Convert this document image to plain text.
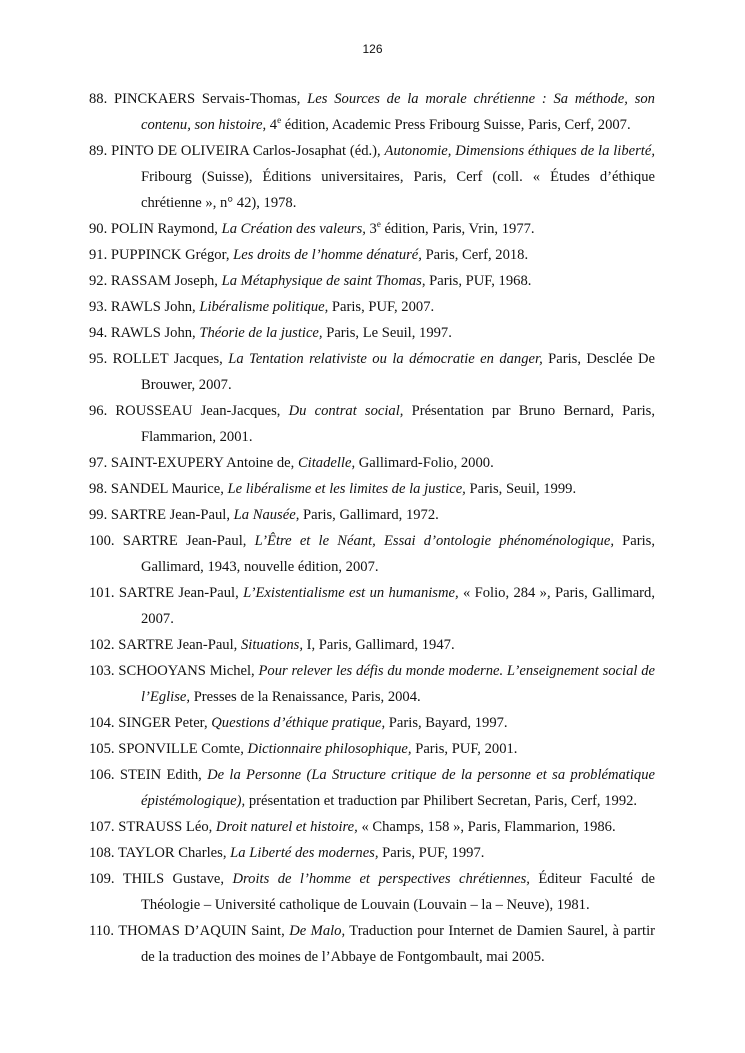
126
88. PINCKAERS Servais-Thomas, Les Sources de la morale chrétienne : Sa méthode, son contenu, son histoire, 4e édition, Academic Press Fribourg Suisse, Paris, Cerf, 2007.
89. PINTO DE OLIVEIRA Carlos-Josaphat (éd.), Autonomie, Dimensions éthiques de la liberté, Fribourg (Suisse), Éditions universitaires, Paris, Cerf (coll. « Études d’éthique chrétienne », n° 42), 1978.
90. POLIN Raymond, La Création des valeurs, 3e édition, Paris, Vrin, 1977.
91. PUPPINCK Grégor, Les droits de l’homme dénaturé, Paris, Cerf, 2018.
92. RASSAM Joseph, La Métaphysique de saint Thomas, Paris, PUF, 1968.
93. RAWLS John, Libéralisme politique, Paris, PUF, 2007.
94. RAWLS John, Théorie de la justice, Paris, Le Seuil, 1997.
95. ROLLET Jacques, La Tentation relativiste ou la démocratie en danger, Paris, Desclée De Brouwer, 2007.
96. ROUSSEAU Jean-Jacques, Du contrat social, Présentation par Bruno Bernard, Paris, Flammarion, 2001.
97. SAINT-EXUPERY Antoine de, Citadelle, Gallimard-Folio, 2000.
98. SANDEL Maurice, Le libéralisme et les limites de la justice, Paris, Seuil, 1999.
99. SARTRE Jean-Paul, La Nausée, Paris, Gallimard, 1972.
100. SARTRE Jean-Paul, L’Être et le Néant, Essai d’ontologie phénoménologique, Paris, Gallimard, 1943, nouvelle édition, 2007.
101. SARTRE Jean-Paul, L’Existentialisme est un humanisme, « Folio, 284 », Paris, Gallimard, 2007.
102. SARTRE Jean-Paul, Situations, I, Paris, Gallimard, 1947.
103. SCHOOYANS Michel, Pour relever les défis du monde moderne. L’enseignement social de l’Eglise, Presses de la Renaissance, Paris, 2004.
104. SINGER Peter, Questions d’éthique pratique, Paris, Bayard, 1997.
105. SPONVILLE Comte, Dictionnaire philosophique, Paris, PUF, 2001.
106. STEIN Edith, De la Personne (La Structure critique de la personne et sa problématique épistémologique), présentation et traduction par Philibert Secretan, Paris, Cerf, 1992.
107. STRAUSS Léo, Droit naturel et histoire, « Champs, 158 », Paris, Flammarion, 1986.
108. TAYLOR Charles, La Liberté des modernes, Paris, PUF, 1997.
109. THILS Gustave, Droits de l’homme et perspectives chrétiennes, Éditeur Faculté de Théologie – Université catholique de Louvain (Louvain – la – Neuve), 1981.
110. THOMAS D’AQUIN Saint, De Malo, Traduction pour Internet de Damien Saurel, à partir de la traduction des moines de l’Abbaye de Fontgombault, mai 2005.
